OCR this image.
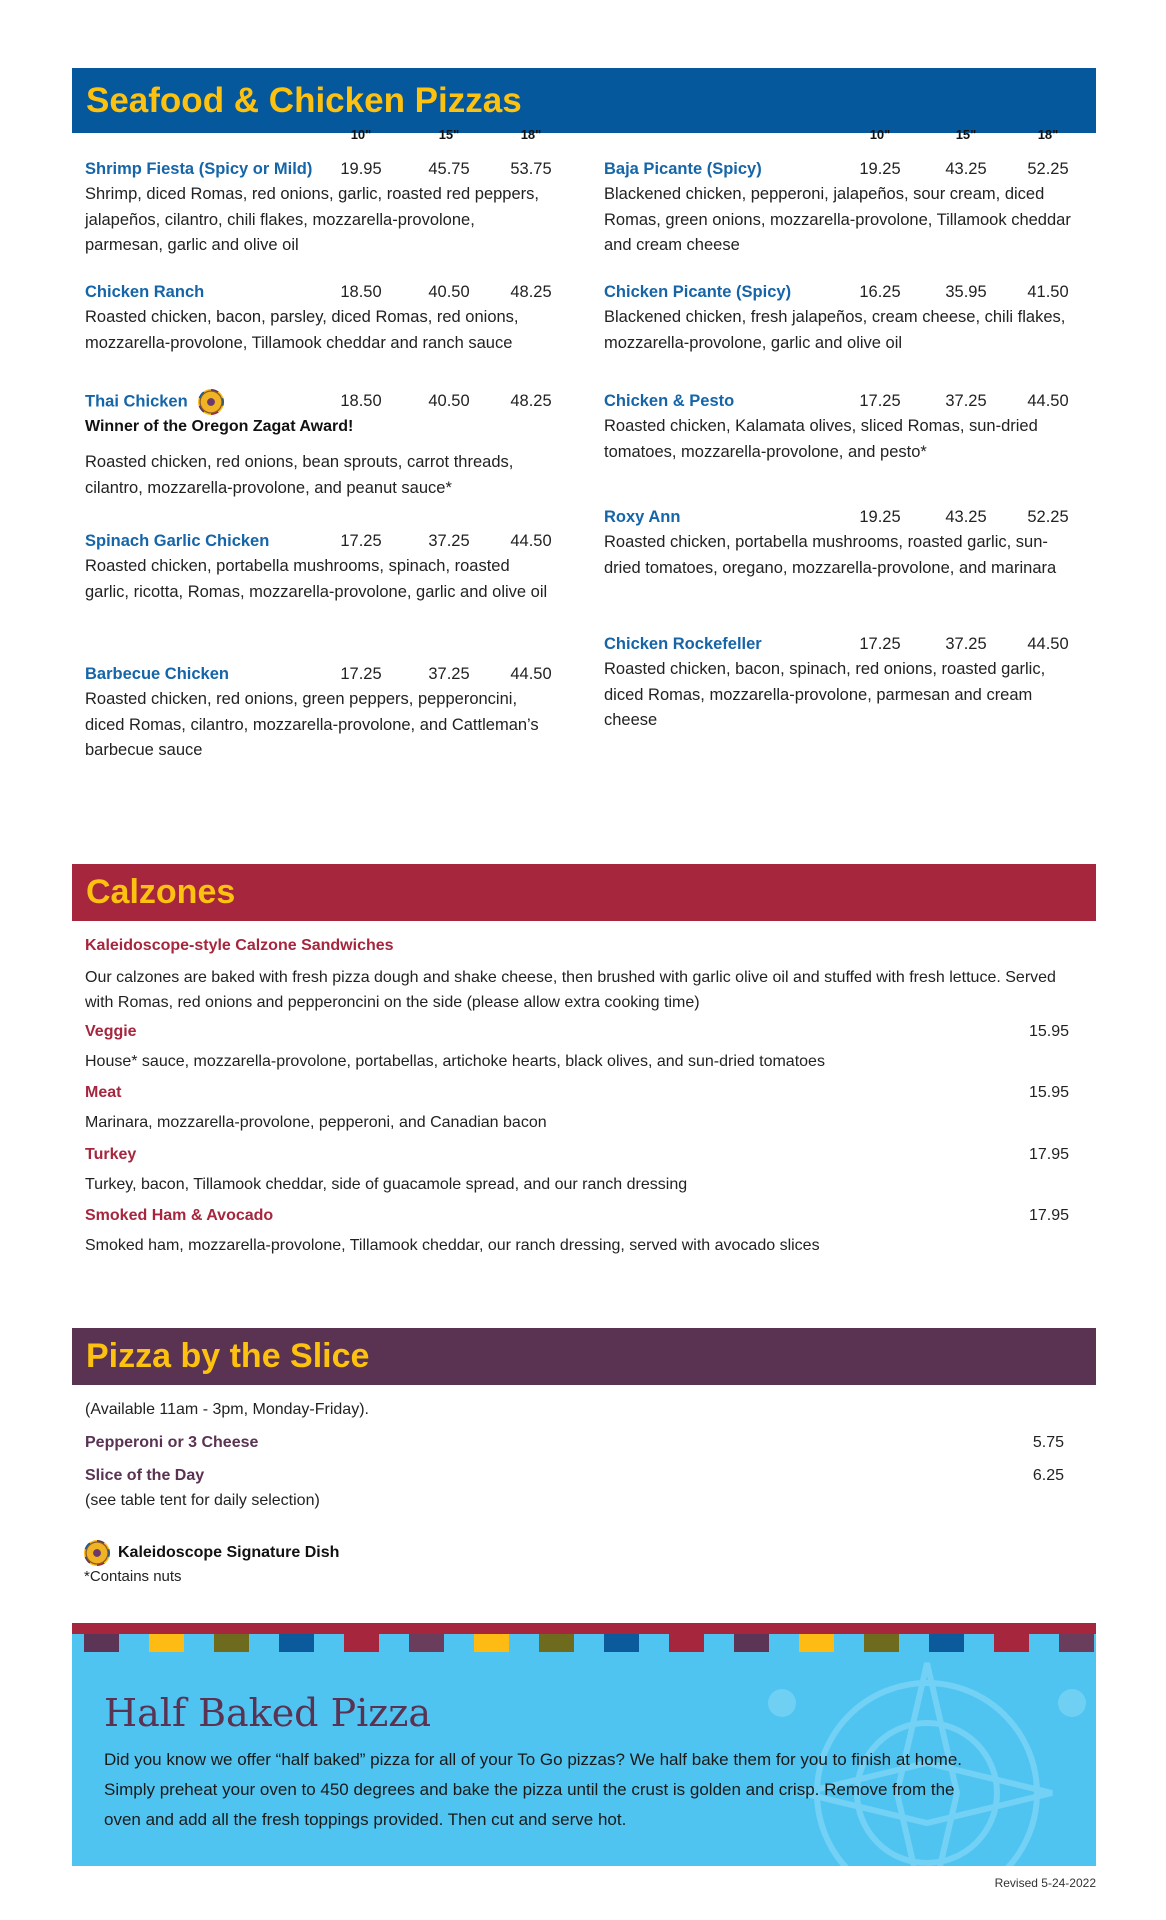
Seafood & Chicken Pizzas
10"	15"	18"	10"	15"	18"
Shrimp Fiesta (Spicy or Mild)	19.95	45.75	53.75
Shrimp, diced Romas, red onions, garlic, roasted red peppers, jalapeños, cilantro, chili flakes, mozzarella-provolone, parmesan, garlic and olive oil
Chicken Ranch	18.50	40.50	48.25
Roasted chicken, bacon, parsley, diced Romas, red onions, mozzarella-provolone, Tillamook cheddar and ranch sauce
Thai Chicken	18.50	40.50	48.25
Winner of the Oregon Zagat Award!
Roasted chicken, red onions, bean sprouts, carrot threads, cilantro, mozzarella-provolone, and peanut sauce*
Spinach Garlic Chicken	17.25	37.25	44.50
Roasted chicken, portabella mushrooms, spinach, roasted garlic, ricotta, Romas, mozzarella-provolone, garlic and olive oil
Barbecue Chicken	17.25	37.25	44.50
Roasted chicken, red onions, green peppers, pepperoncini, diced Romas, cilantro, mozzarella-provolone, and Cattleman’s barbecue sauce
Baja Picante (Spicy)	19.25	43.25	52.25
Blackened chicken, pepperoni, jalapeños, sour cream, diced Romas, green onions, mozzarella-provolone, Tillamook cheddar and cream cheese
Chicken Picante (Spicy)	16.25	35.95	41.50
Blackened chicken, fresh jalapeños, cream cheese, chili flakes, mozzarella-provolone, garlic and olive oil
Chicken & Pesto	17.25	37.25	44.50
Roasted chicken, Kalamata olives, sliced Romas, sun-dried tomatoes, mozzarella-provolone, and pesto*
Roxy Ann	19.25	43.25	52.25
Roasted chicken, portabella mushrooms, roasted garlic, sun-dried tomatoes, oregano, mozzarella-provolone, and marinara
Chicken Rockefeller	17.25	37.25	44.50
Roasted chicken, bacon, spinach, red onions, roasted garlic, diced Romas, mozzarella-provolone, parmesan and cream cheese
Calzones
Kaleidoscope-style Calzone Sandwiches
Our calzones are baked with fresh pizza dough and shake cheese, then brushed with garlic olive oil and stuffed with fresh lettuce. Served with Romas, red onions and pepperoncini on the side (please allow extra cooking time)
Veggie	15.95
House* sauce, mozzarella-provolone, portabellas, artichoke hearts, black olives, and sun-dried tomatoes
Meat	15.95
Marinara, mozzarella-provolone, pepperoni, and Canadian bacon
Turkey	17.95
Turkey, bacon, Tillamook cheddar, side of guacamole spread, and our ranch dressing
Smoked Ham & Avocado	17.95
Smoked ham, mozzarella-provolone, Tillamook cheddar, our ranch dressing, served with avocado slices
Pizza by the Slice
(Available 11am - 3pm, Monday-Friday).
Pepperoni or 3 Cheese	5.75
Slice of the Day	6.25
(see table tent for daily selection)
Kaleidoscope Signature Dish
*Contains nuts
Half Baked Pizza
Did you know we offer “half baked” pizza for all of your To Go pizzas? We half bake them for you to finish at home. Simply preheat your oven to 450 degrees and bake the pizza until the crust is golden and crisp. Remove from the oven and add all the fresh toppings provided. Then cut and serve hot.
Revised 5-24-2022
